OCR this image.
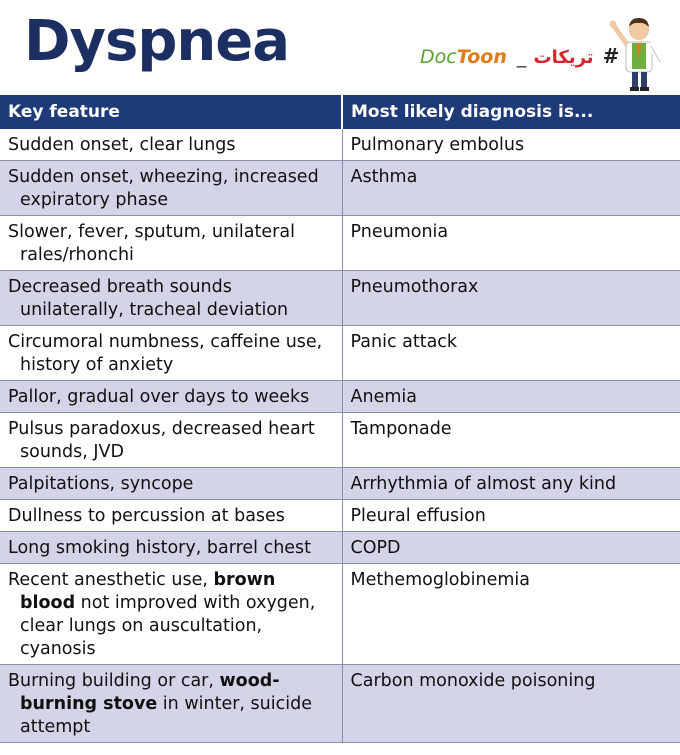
Dyspnea	DocToon _ تريكات #
Key feature	Most likely diagnosis is...
Sudden onset, clear lungs	Pulmonary embolus
Sudden onset, wheezing, increased expiratory phase	Asthma
Slower, fever, sputum, unilateral rales/rhonchi	Pneumonia
Decreased breath sounds unilaterally, tracheal deviation	Pneumothorax
Circumoral numbness, caffeine use, history of anxiety	Panic attack
Pallor, gradual over days to weeks	Anemia
Pulsus paradoxus, decreased heart sounds, JVD	Tamponade
Palpitations, syncope	Arrhythmia of almost any kind
Dullness to percussion at bases	Pleural effusion
Long smoking history, barrel chest	COPD
Recent anesthetic use, brown blood not improved with oxygen, clear lungs on auscultation, cyanosis	Methemoglobinemia
Burning building or car, wood-burning stove in winter, suicide attempt	Carbon monoxide poisoning
